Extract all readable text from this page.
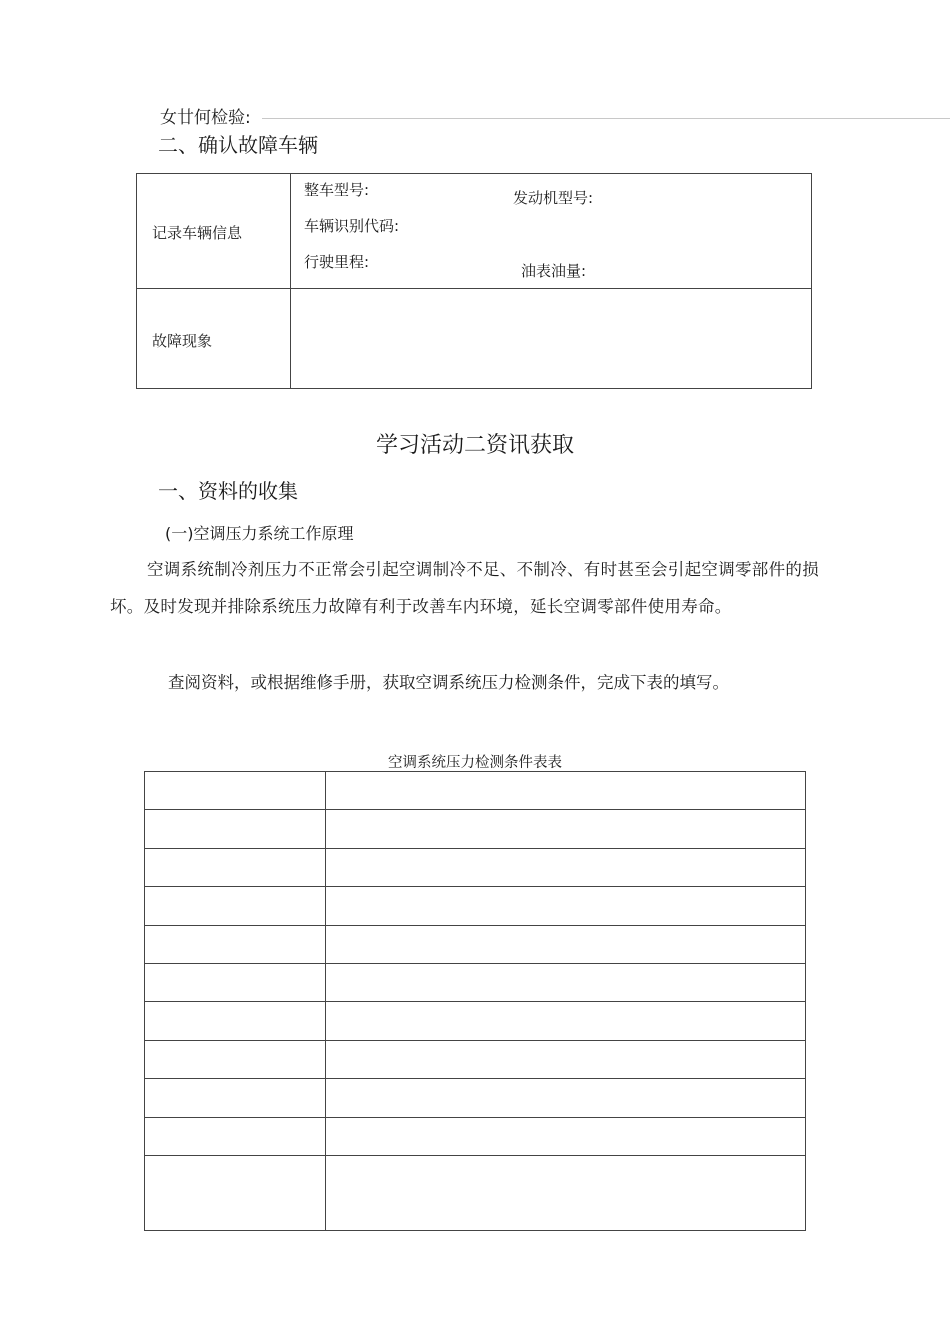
女廿何检验:
二、确认故障车辆
记录车辆信息
整车型号:	发动机型号:
车辆识别代码:
行驶里程:	油表油量:
故障现象
学习活动二资讯获取
一、资料的收集
(一)空调压力系统工作原理
空调系统制冷剂压力不正常会引起空调制冷不足、不制冷、有时甚至会引起空调零部件的损坏。及时发现并排除系统压力故障有利于改善车内环境，延长空调零部件使用寿命。
查阅资料，或根据维修手册，获取空调系统压力检测条件，完成下表的填写。
空调系统压力检测条件表表
